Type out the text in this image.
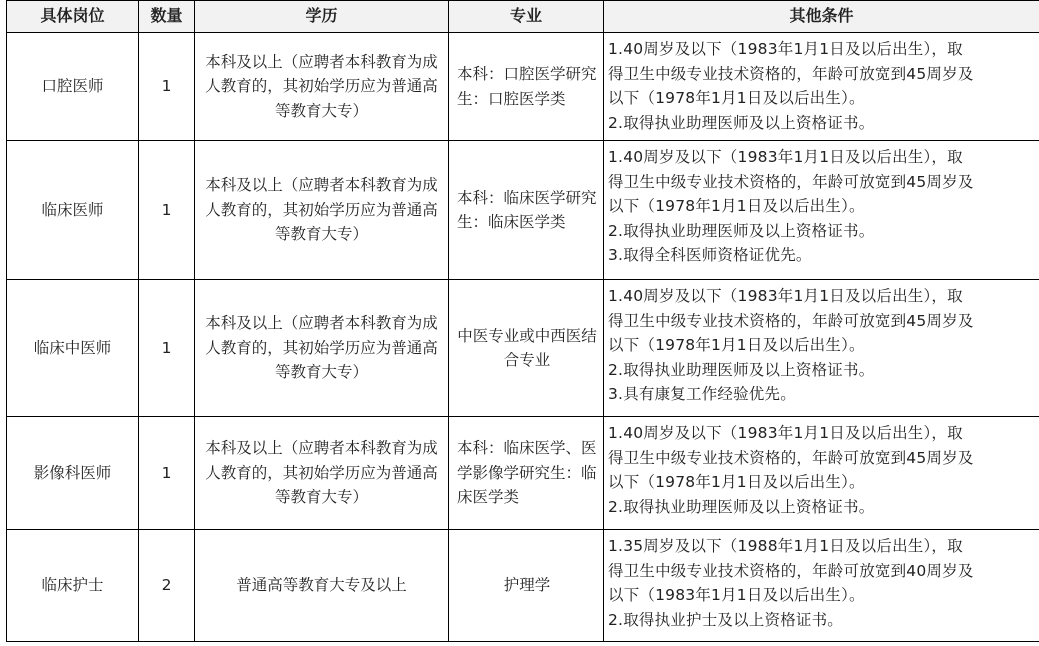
具体岗位	数量	学历	专业	其他条件
口腔医师	1	本科及以上（应聘者本科教育为成人教育的，其初始学历应为普通高等教育大专）	本科：口腔医学研究生：口腔医学类	1.40周岁及以下（1983年1月1日及以后出生），取
得卫生中级专业技术资格的，年龄可放宽到45周岁及
以下（1978年1月1日及以后出生）。
2.取得执业助理医师及以上资格证书。

临床医师	1	本科及以上（应聘者本科教育为成人教育的，其初始学历应为普通高等教育大专）	本科：临床医学研究生：临床医学类	1.40周岁及以下（1983年1月1日及以后出生），取
得卫生中级专业技术资格的，年龄可放宽到45周岁及
以下（1978年1月1日及以后出生）。
2.取得执业助理医师及以上资格证书。
3.取得全科医师资格证优先。

临床中医师	1	本科及以上（应聘者本科教育为成人教育的，其初始学历应为普通高等教育大专）	中医专业或中西医结合专业	1.40周岁及以下（1983年1月1日及以后出生），取
得卫生中级专业技术资格的，年龄可放宽到45周岁及
以下（1978年1月1日及以后出生）。
2.取得执业助理医师及以上资格证书。
3.具有康复工作经验优先。

影像科医师	1	本科及以上（应聘者本科教育为成人教育的，其初始学历应为普通高等教育大专）	本科：临床医学、医学影像学研究生：临床医学类	1.40周岁及以下（1983年1月1日及以后出生），取
得卫生中级专业技术资格的，年龄可放宽到45周岁及
以下（1978年1月1日及以后出生）。
2.取得执业助理医师及以上资格证书。

临床护士	2	普通高等教育大专及以上	护理学	1.35周岁及以下（1988年1月1日及以后出生），取
得卫生中级专业技术资格的，年龄可放宽到40周岁及
以下（1983年1月1日及以后出生）。
2.取得执业护士及以上资格证书。
